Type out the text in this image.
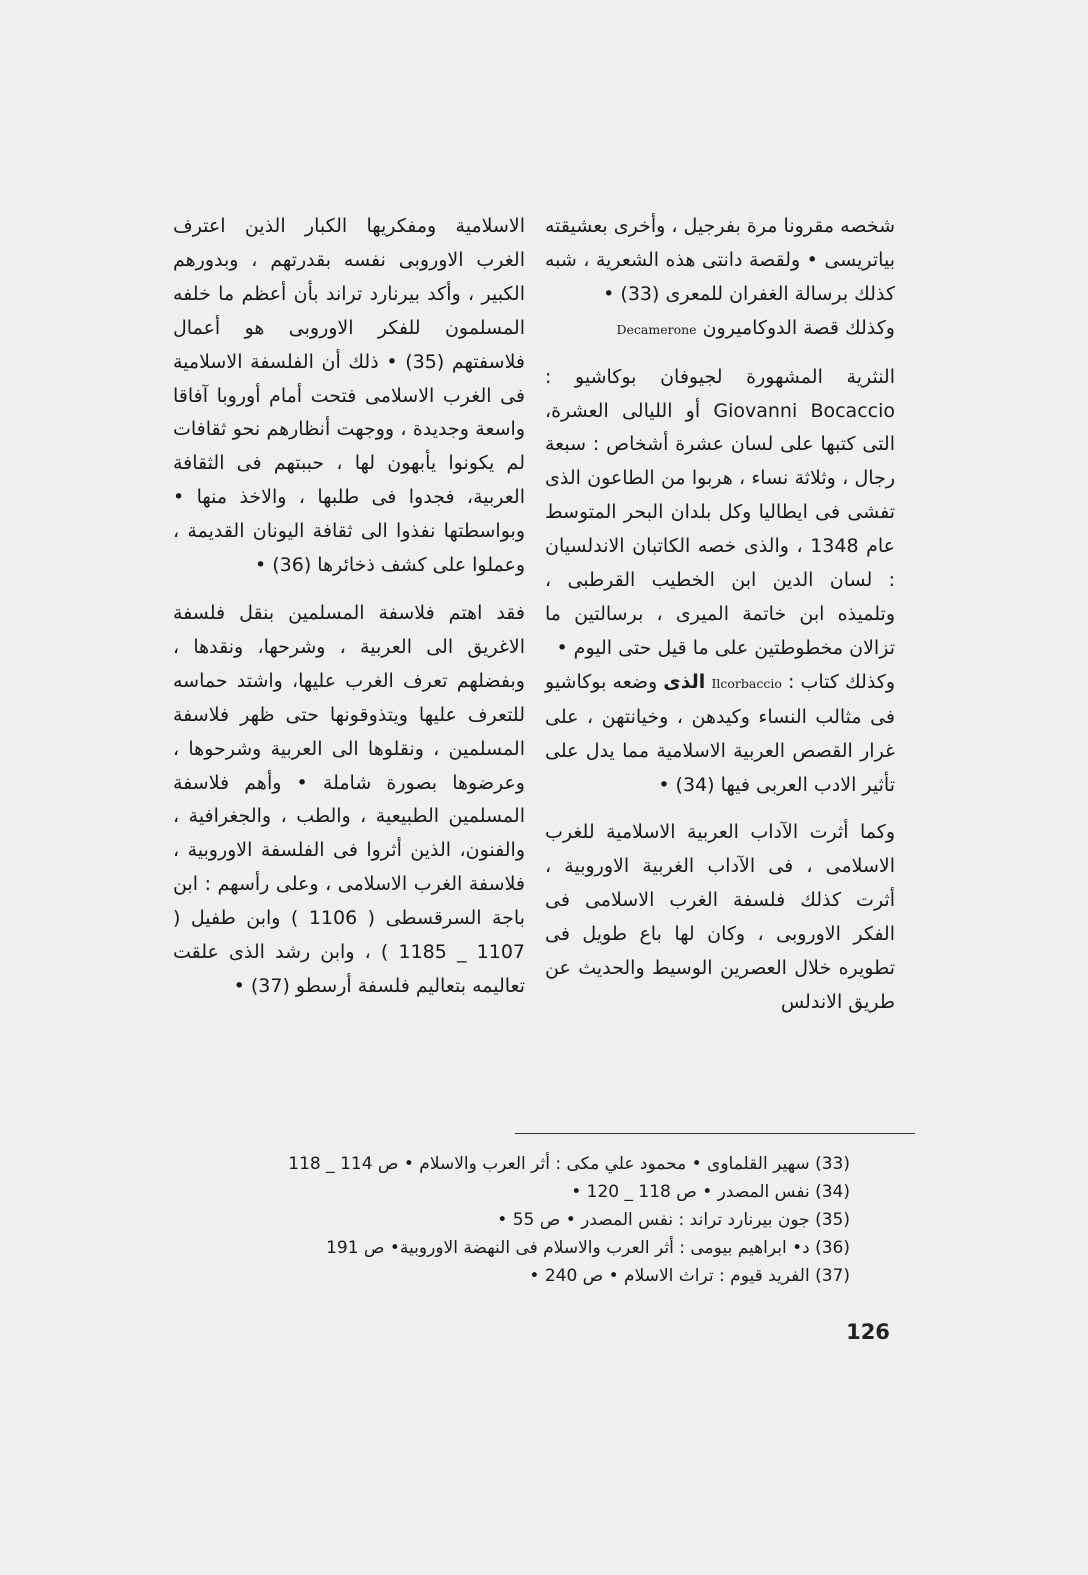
شخصه مقرونا مرة بفرجيل ، وأخرى بعشيقته بياتريسى • ولقصة دانتى هذه الشعرية ، شبه كذلك برسالة الغفران للمعرى (33) •

وكذلك قصة الدوكاميرون Decamerone

النثرية المشهورة لجيوفان بوكاشيو : Giovanni Bocaccio أو الليالى العشرة، التى كتبها على لسان عشرة أشخاص : سبعة رجال ، وثلاثة نساء ، هربوا من الطاعون الذى تفشى فى ايطاليا وكل بلدان البحر المتوسط عام 1348 ، والذى خصه الكاتبان الاندلسيان : لسان الدين ابن الخطيب القرطبى ، وتلميذه ابن خاتمة الميرى ، برسالتين ما تزالان مخطوطتين على ما قيل حتى اليوم •

وكذلك كتاب : Ilcorbaccio الذى وضعه بوكاشيو فى مثالب النساء وكيدهن ، وخيانتهن ، على غرار القصص العربية الاسلامية مما يدل على تأثير الادب العربى فيها (34) •

وكما أثرت الآداب العربية الاسلامية للغرب الاسلامى ، فى الآداب الغربية الاوروبية ، أثرت كذلك فلسفة الغرب الاسلامى فى الفكر الاوروبى ، وكان لها باع طويل فى تطويره خلال العصرين الوسيط والحديث عن طريق الاندلس

الاسلامية ومفكريها الكبار الذين اعترف الغرب الاوروبى نفسه بقدرتهم ، وبدورهم الكبير ، وأكد بيرنارد تراند بأن أعظم ما خلفه المسلمون للفكر الاوروبى هو أعمال فلاسفتهم (35) • ذلك أن الفلسفة الاسلامية فى الغرب الاسلامى فتحت أمام أوروبا آفاقا واسعة وجديدة ، ووجهت أنظارهم نحو ثقافات لم يكونوا يأبهون لها ، حببتهم فى الثقافة العربية، فجدوا فى طلبها ، والاخذ منها • وبواسطتها نفذوا الى ثقافة اليونان القديمة ، وعملوا على كشف ذخائرها (36) •

فقد اهتم فلاسفة المسلمين بنقل فلسفة الاغريق الى العربية ، وشرحها، ونقدها ، وبفضلهم تعرف الغرب عليها، واشتد حماسه للتعرف عليها ويتذوقونها حتى ظهر فلاسفة المسلمين ، ونقلوها الى العربية وشرحوها ، وعرضوها بصورة شاملة • وأهم فلاسفة المسلمين الطبيعية ، والطب ، والجغرافية ، والفنون، الذين أثروا فى الفلسفة الاوروبية ، فلاسفة الغرب الاسلامى ، وعلى رأسهم : ابن باجة السرقسطى ( 1106 ) وابن طفيل ( 1107 _ 1185 ) ، وابن رشد الذى علقت تعاليمه بتعاليم فلسفة أرسطو (37) •

(33) سهير القلماوى • محمود علي مكى : أثر العرب والاسلام • ص 114 _ 118
(34) نفس المصدر • ص 118 _ 120 •
(35) جون بيرنارد تراند : نفس المصدر • ص 55 •
(36) د• ابراهيم بيومى : أثر العرب والاسلام فى النهضة الاوروبية• ص 191
(37) الفريد قيوم : تراث الاسلام • ص 240 •
126
